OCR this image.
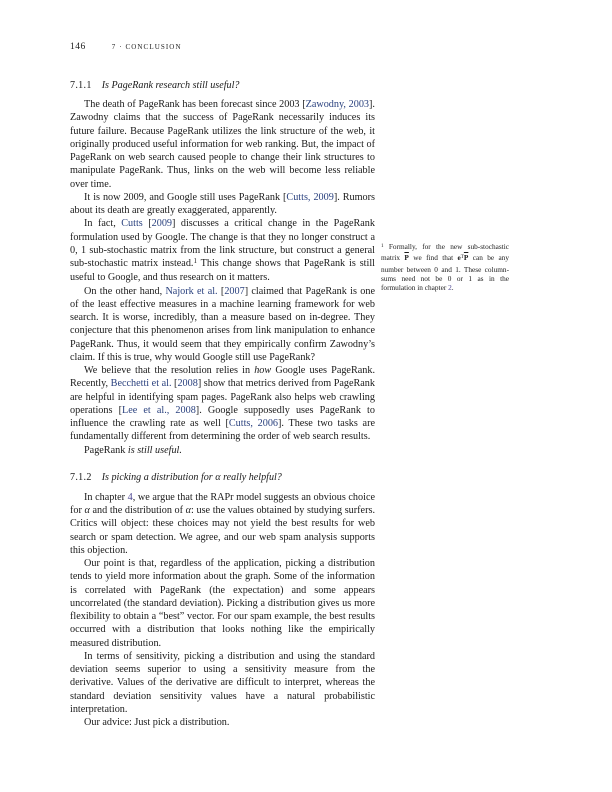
146	7 · CONCLUSION
7.1.1 Is PageRank research still useful?

The death of PageRank has been forecast since 2003 [Zawodny, 2003]. Zawodny claims that the success of PageRank necessarily induces its future failure. Because PageRank utilizes the link structure of the web, it originally produced useful information for web ranking. But, the impact of PageRank on web search caused people to change their link structures to manipulate PageRank. Thus, links on the web will become less reliable over time.

It is now 2009, and Google still uses PageRank [Cutts, 2009]. Rumors about its death are greatly exaggerated, apparently.

In fact, Cutts [2009] discusses a critical change in the PageRank formulation used by Google. The change is that they no longer construct a 0, 1 sub-stochastic matrix from the link structure, but construct a general sub-stochastic matrix instead.$^1$ This change shows that PageRank is still useful to Google, and thus research on it matters.

On the other hand, Najork et al. [2007] claimed that PageRank is one of the least effective measures in a machine learning framework for web search. It is worse, incredibly, than a measure based on in-degree. They conjecture that this phenomenon arises from link manipulation to enhance PageRank. Thus, it would seem that they empirically confirm Zawodny’s claim. If this is true, why would Google still use PageRank?

We believe that the resolution relies in how Google uses PageRank. Recently, Becchetti et al. [2008] show that metrics derived from PageRank are helpful in identifying spam pages. PageRank also helps web crawling operations [Lee et al., 2008]. Google supposedly uses PageRank to influence the crawling rate as well [Cutts, 2006]. These two tasks are fundamentally different from determining the order of web search results.

PageRank is still useful.

7.1.2 Is picking a distribution for α really helpful?

In chapter 4, we argue that the RAPr model suggests an obvious choice for α and the distribution of α: use the values obtained by studying surfers. Critics will object: these choices may not yield the best results for web search or spam detection. We agree, and our web spam analysis supports this objection.

Our point is that, regardless of the application, picking a distribution tends to yield more information about the graph. Some of the information is correlated with PageRank (the expectation) and some appears uncorrelated (the standard deviation). Picking a distribution gives us more flexibility to obtain a “best” vector. For our spam example, the best results occurred with a distribution that looks nothing like the empirically measured distribution.

In terms of sensitivity, picking a distribution and using the standard deviation seems superior to using a sensitivity measure from the derivative. Values of the derivative are difficult to interpret, whereas the standard deviation sensitivity values have a natural probabilistic interpretation.

Our advice: Just pick a distribution.

$^1$ Formally, for the new sub-stochastic matrix $\overline{P}$ we find that $e^T\overline{P}$ can be any number between 0 and 1. These column-sums need not be 0 or 1 as in the formulation in chapter 2.
